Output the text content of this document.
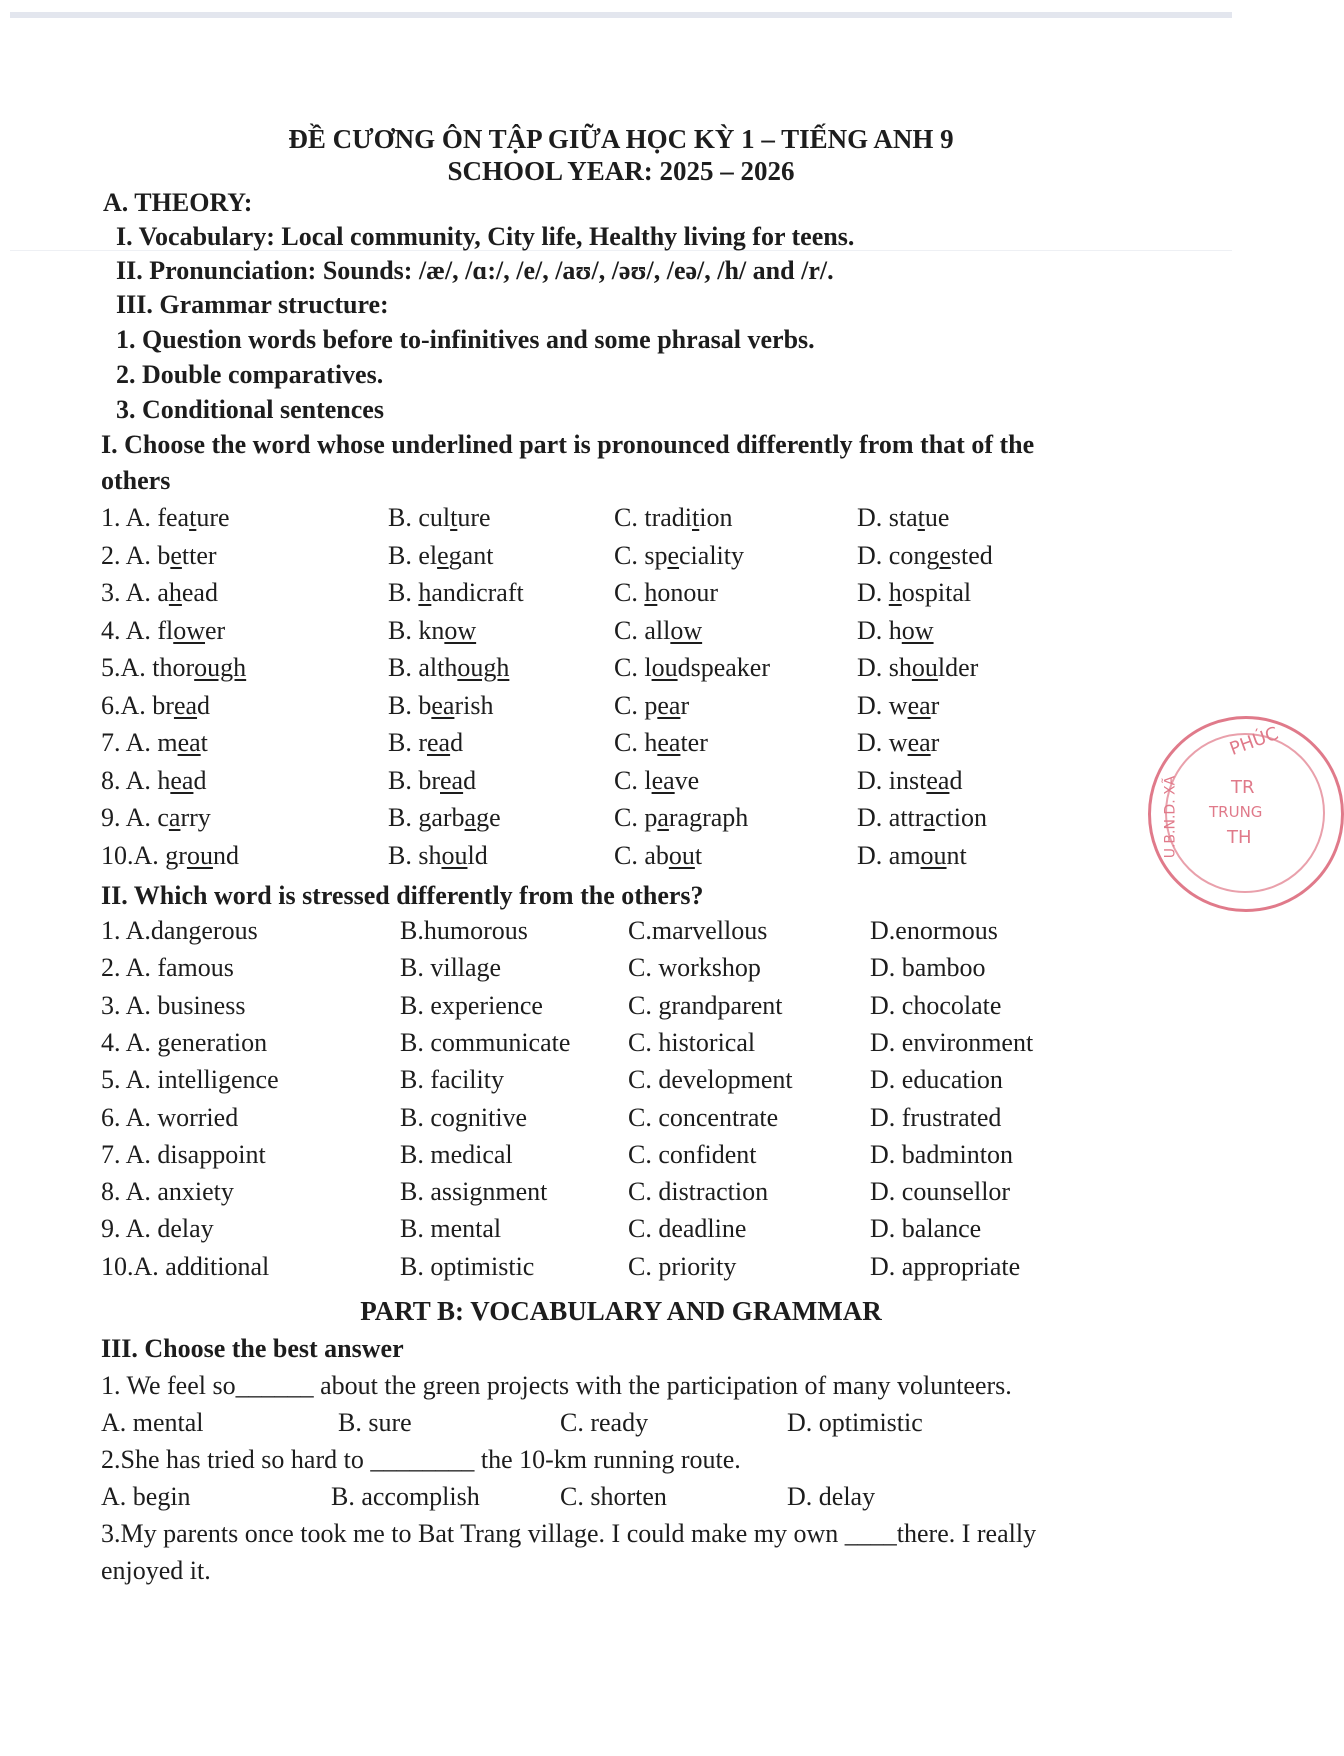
ĐỀ CƯƠNG ÔN TẬP GIỮA HỌC KỲ 1 – TIẾNG ANH 9
SCHOOL YEAR: 2025 – 2026
A. THEORY:
I. Vocabulary: Local community, City life, Healthy living for teens.
II. Pronunciation: Sounds: /æ/, /ɑ:/, /e/, /aʊ/, /əʊ/, /eə/, /h/ and /r/.
III. Grammar structure:
1. Question words before to-infinitives and some phrasal verbs.
2. Double comparatives.
3. Conditional sentences
I. Choose the word whose underlined part is pronounced differently from that of the
others
1. A. feature	B. culture	C. tradition	D. statue
2. A. better	B. elegant	C. speciality	D. congested
3. A. ahead	B. handicraft	C. honour	D. hospital
4. A. flower	B. know	C. allow	D. how
5.A. thorough	B. although	C. loudspeaker	D. shoulder
6.A. bread	B. bearish	C. pear	D. wear
7. A. meat	B. read	C. heater	D. wear
8. A. head	B. bread	C. leave	D. instead
9. A. carry	B. garbage	C. paragraph	D. attraction
10.A. ground	B. should	C. about	D. amount
II. Which word is stressed differently from the others?
1. A.dangerous	B.humorous	C.marvellous	D.enormous
2. A. famous	B. village	C. workshop	D. bamboo
3. A. business	B. experience	C. grandparent	D. chocolate
4. A. generation	B. communicate C. historical	D. environment
5. A. intelligence	B. facility	C. development	D. education
6. A. worried	B. cognitive	C. concentrate	D. frustrated
7. A. disappoint	B. medical	C. confident	D. badminton
8. A. anxiety	B. assignment	C. distraction	D. counsellor
9. A. delay	B. mental	C. deadline	D. balance
10.A. additional	B. optimistic	C. priority	D. appropriate
PART B: VOCABULARY AND GRAMMAR
III. Choose the best answer
1. We feel so______ about the green projects with the participation of many volunteers.
A. mental	B. sure	C. ready	D. optimistic
2.She has tried so hard to ________ the 10-km running route.
A. begin	B. accomplish	C. shorten	D. delay
3.My parents once took me to Bat Trang village. I could make my own ____there. I really
enjoyed it.
PHÚC
TR
TRUNG
TH
U.B.N.D. XÃ
